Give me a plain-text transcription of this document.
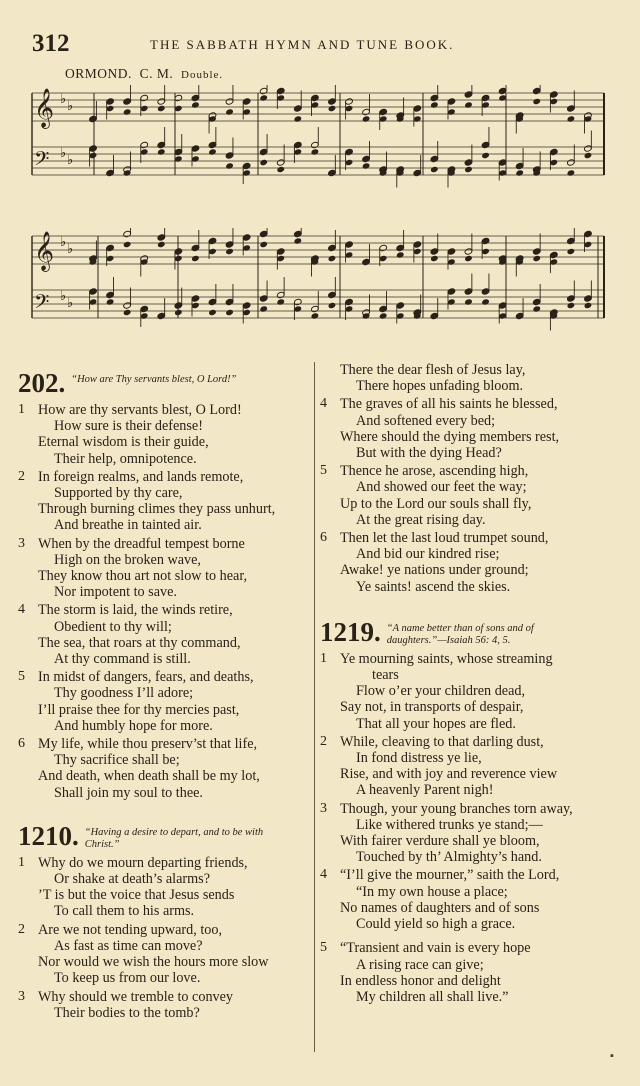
312	THE SABBATH HYMN AND TUNE BOOK.
ORMOND. C. M. Double.
𝄞 ♭ ♭
𝄢 ♭ ♭
𝄞 ♭ ♭
𝄢 ♭ ♭
202. “How are Thy servants blest, O Lord!”
1 How are thy servants blest, O Lord!
How sure is their defense!
Eternal wisdom is their guide,
Their help, omnipotence.
2 In foreign realms, and lands remote,
Supported by thy care,
Through burning climes they pass unhurt,
And breathe in tainted air.
3 When by the dreadful tempest borne
High on the broken wave,
They know thou art not slow to hear,
Nor impotent to save.
4 The storm is laid, the winds retire,
Obedient to thy will;
The sea, that roars at thy command,
At thy command is still.
5 In midst of dangers, fears, and deaths,
Thy goodness I’ll adore;
I’ll praise thee for thy mercies past,
And humbly hope for more.
6 My life, while thou preserv’st that life,
Thy sacrifice shall be;
And death, when death shall be my lot,
Shall join my soul to thee.
1210. “Having a desire to depart, and to be with Christ.”
1 Why do we mourn departing friends,
Or shake at death’s alarms?
’T is but the voice that Jesus sends
To call them to his arms.
2 Are we not tending upward, too,
As fast as time can move?
Nor would we wish the hours more slow
To keep us from our love.
3 Why should we tremble to convey
Their bodies to the tomb?
There the dear flesh of Jesus lay,
There hopes unfading bloom.
4 The graves of all his saints he blessed,
And softened every bed;
Where should the dying members rest,
But with the dying Head?
5 Thence he arose, ascending high,
And showed our feet the way;
Up to the Lord our souls shall fly,
At the great rising day.
6 Then let the last loud trumpet sound,
And bid our kindred rise;
Awake! ye nations under ground;
Ye saints! ascend the skies.
1219. “A name better than of sons and of daughters.”—Isaiah 56: 4, 5.
1 Ye mourning saints, whose streaming
tears
Flow o’er your children dead,
Say not, in transports of despair,
That all your hopes are fled.
2 While, cleaving to that darling dust,
In fond distress ye lie,
Rise, and with joy and reverence view
A heavenly Parent nigh!
3 Though, your young branches torn away,
Like withered trunks ye stand;—
With fairer verdure shall ye bloom,
Touched by th’ Almighty’s hand.
4 “I’ll give the mourner,” saith the Lord,
“In my own house a place;
No names of daughters and of sons
Could yield so high a grace.
5 “Transient and vain is every hope
A rising race can give;
In endless honor and delight
My children all shall live.”
▪
